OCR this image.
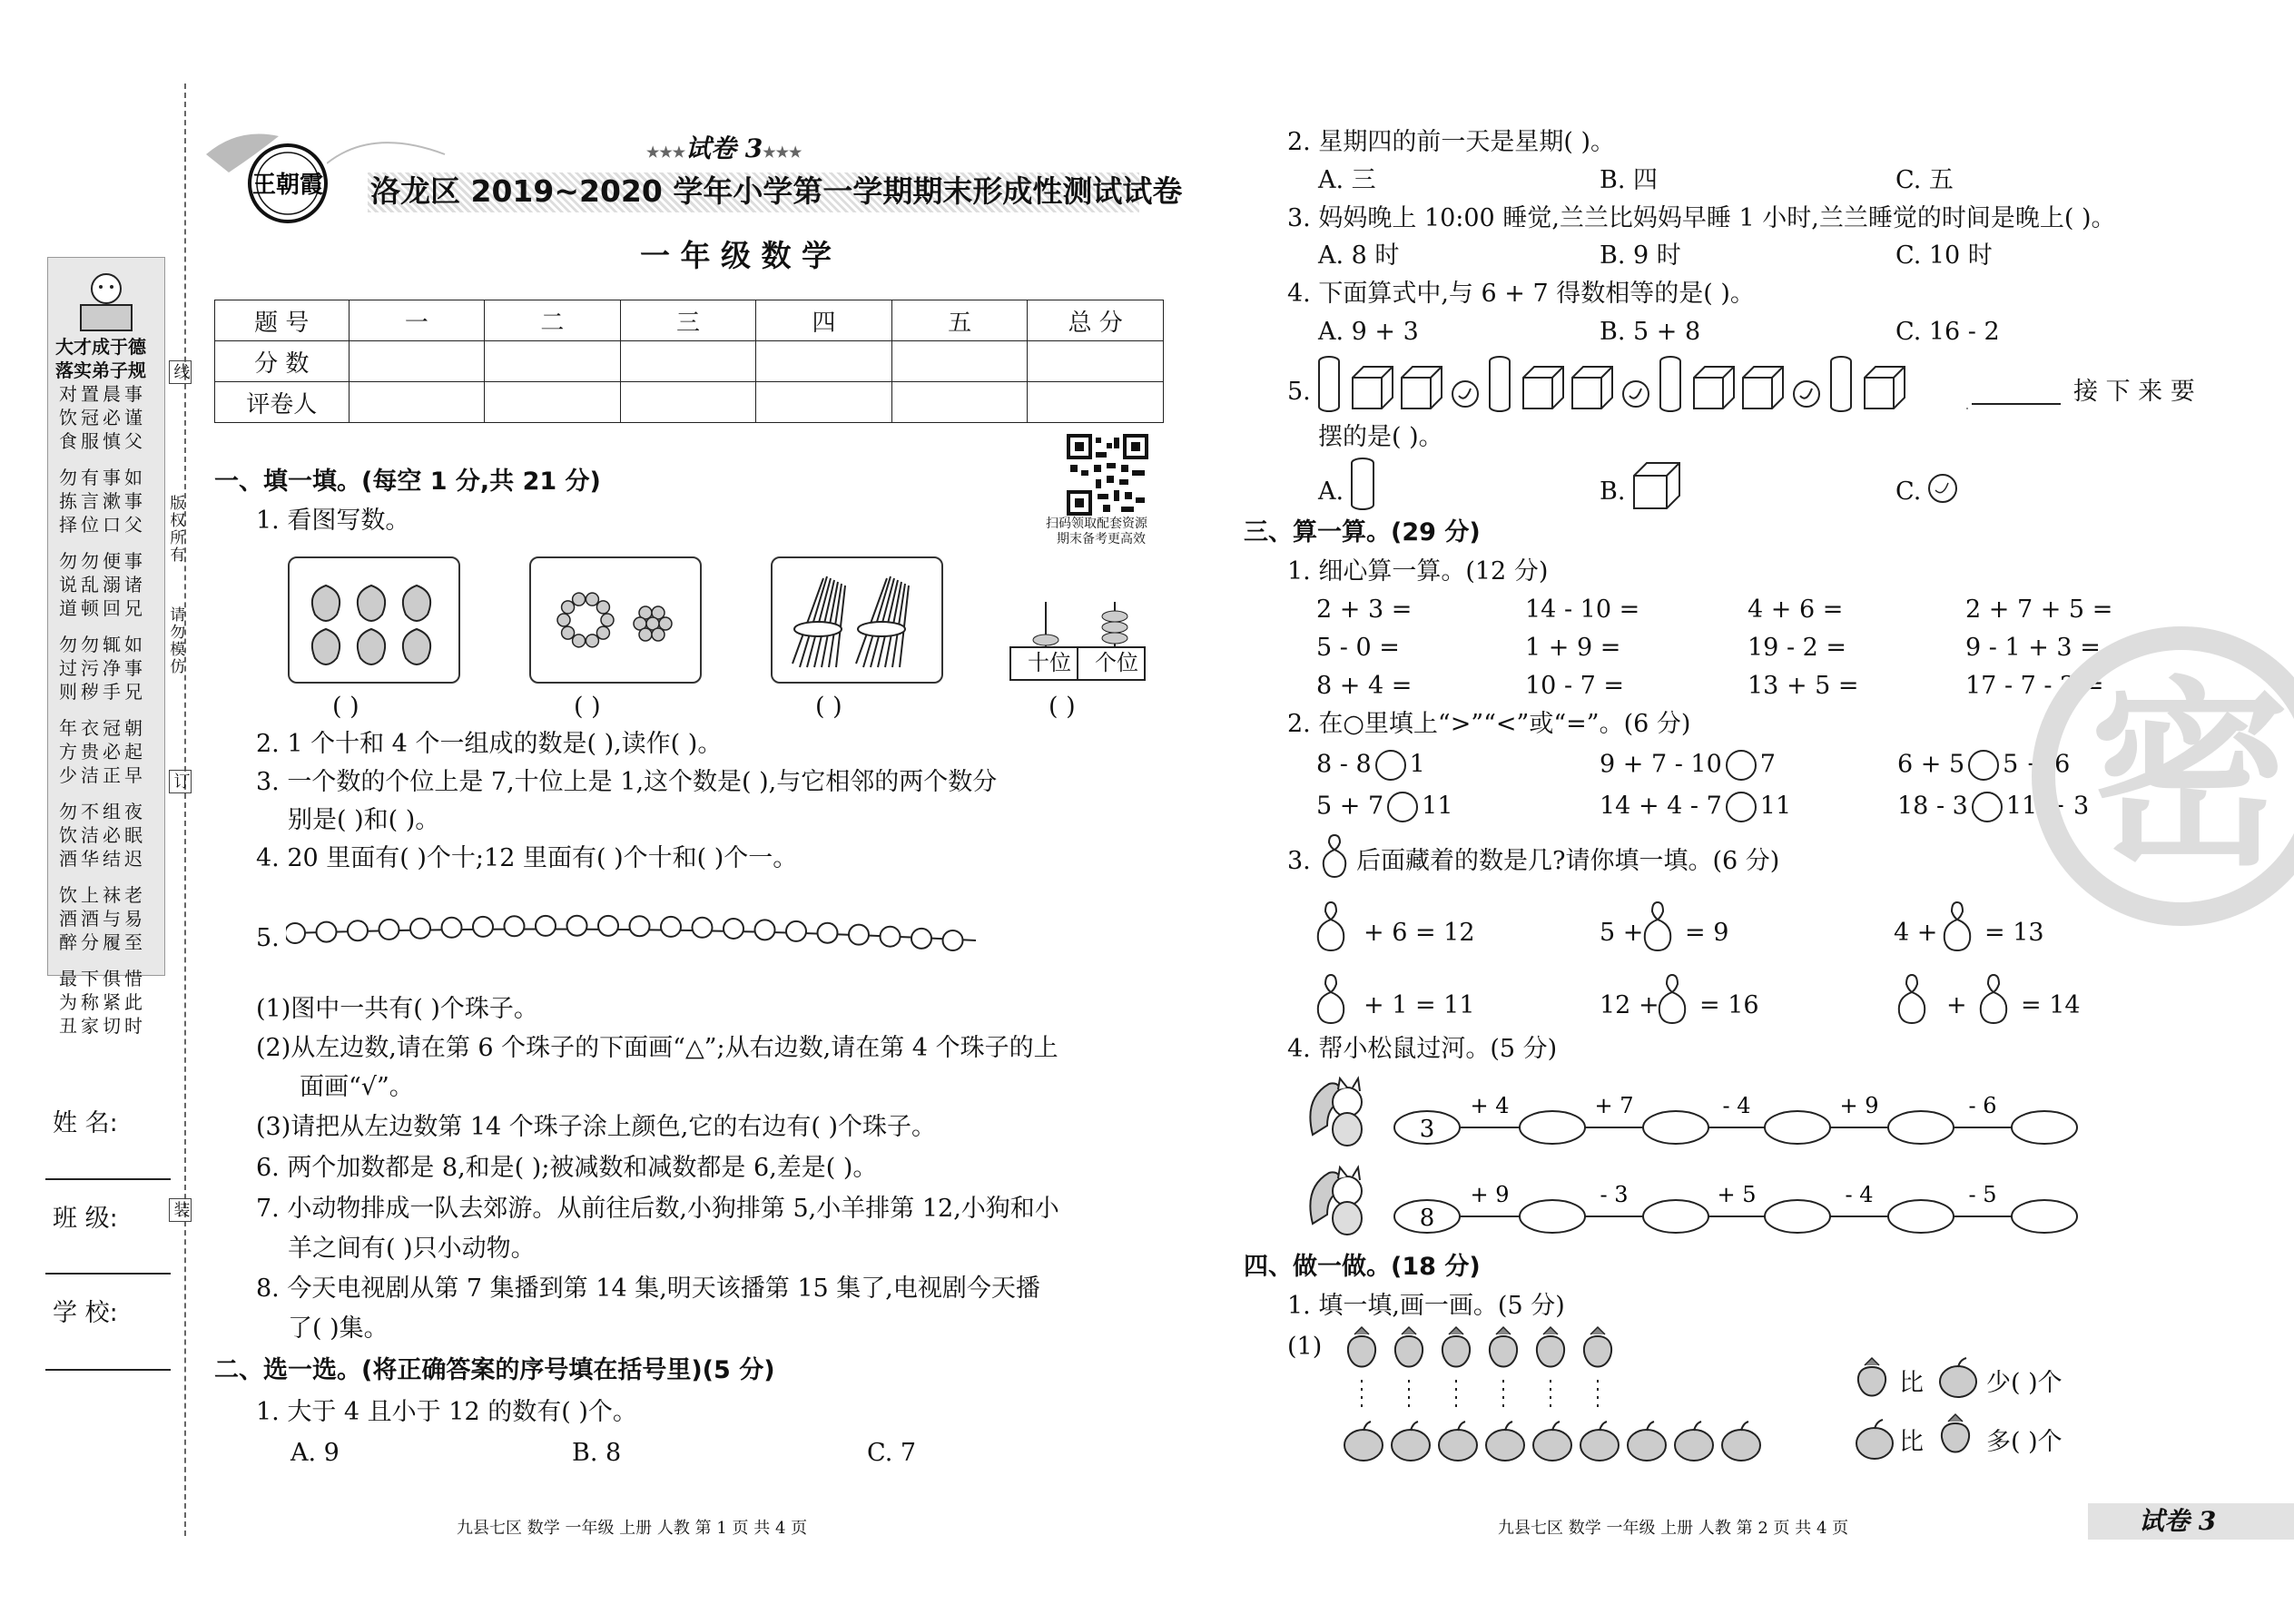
大才成于德
落实弟子规
对置晨事
饮冠必谨
食服慎父
勿有事如
拣言漱事
择位口父
勿勿便事
说乱溺诸
道顿回兄
勿勿辄如
过污净事
则秽手兄
年衣冠朝
方贵必起
少洁正早
勿不组夜
饮洁必眠
酒华结迟
饮上袜老
酒酒与易
醉分履至
最下俱惜
为称紧此
丑家切时
线
订
装
版权所有
请勿模仿
姓 名:
班 级:
学 校:
王朝霞
★★★试卷 3★★★
洛龙区 2019~2020 学年小学第一学期期末形成性测试试卷
一 年 级 数 学
题 号	一	二	三	四	五	总 分
分 数						
评卷人						
扫码领取配套资源
期末备考更高效
一、填一填。(每空 1 分,共 21 分)
1. 看图写数。
十位 个位
( )	( )	( )	( )
2. 1 个十和 4 个一组成的数是( ),读作( )。
3. 一个数的个位上是 7,十位上是 1,这个数是( ),与它相邻的两个数分
别是( )和( )。
4. 20 里面有( )个十;12 里面有( )个十和( )个一。
5.
(1)图中一共有( )个珠子。
(2)从左边数,请在第 6 个珠子的下面画“△”;从右边数,请在第 4 个珠子的上
面画“√”。
(3)请把从左边数第 14 个珠子涂上颜色,它的右边有( )个珠子。
6. 两个加数都是 8,和是( );被减数和减数都是 6,差是( )。
7. 小动物排成一队去郊游。从前往后数,小狗排第 5,小羊排第 12,小狗和小
羊之间有( )只小动物。
8. 今天电视剧从第 7 集播到第 14 集,明天该播第 15 集了,电视剧今天播
了( )集。
二、选一选。(将正确答案的序号填在括号里)(5 分)
1. 大于 4 且小于 12 的数有( )个。
A. 9	B. 8	C. 7
2. 星期四的前一天是星期( )。
A. 三	B. 四	C. 五
3. 妈妈晚上 10:00 睡觉,兰兰比妈妈早睡 1 小时,兰兰睡觉的时间是晚上( )。
A. 8 时	B. 9 时	C. 10 时
4. 下面算式中,与 6 + 7 得数相等的是( )。
A. 9 + 3	B. 5 + 8	C. 16 - 2
5.	接 下 来 要
摆的是( )。
A.	B.	C.
三、算一算。(29 分)
1. 细心算一算。(12 分)
2 + 3 =	14 - 10 =	4 + 6 =	2 + 7 + 5 =
5 - 0 =	1 + 9 =	19 - 2 =	9 - 1 + 3 =
8 + 4 =	10 - 7 =	13 + 5 =	17 - 7 - 2 =
2. 在○里填上“>”“<”或“=”。(6 分)
8 - 8 1	9 + 7 - 10 7	6 + 5 5 + 6
5 + 7 11	14 + 4 - 7 11	18 - 3 11 + 3
3. 后面藏着的数是几?请你填一填。(6 分)
+ 6 = 12	5 + = 9	4 + = 13
+ 1 = 11	12 + = 16	+ = 14
4. 帮小松鼠过河。(5 分)
3
+ 4	+ 7	- 4	+ 9	- 6
8
+ 9	- 3	+ 5	- 4	- 5
四、做一做。(18 分)
1. 填一填,画一画。(5 分)
(1)
比	少( )个
比	多( )个
密
九县七区 数学 一年级 上册 人教 第 1 页 共 4 页	九县七区 数学 一年级 上册 人教 第 2 页 共 4 页	试卷 3
